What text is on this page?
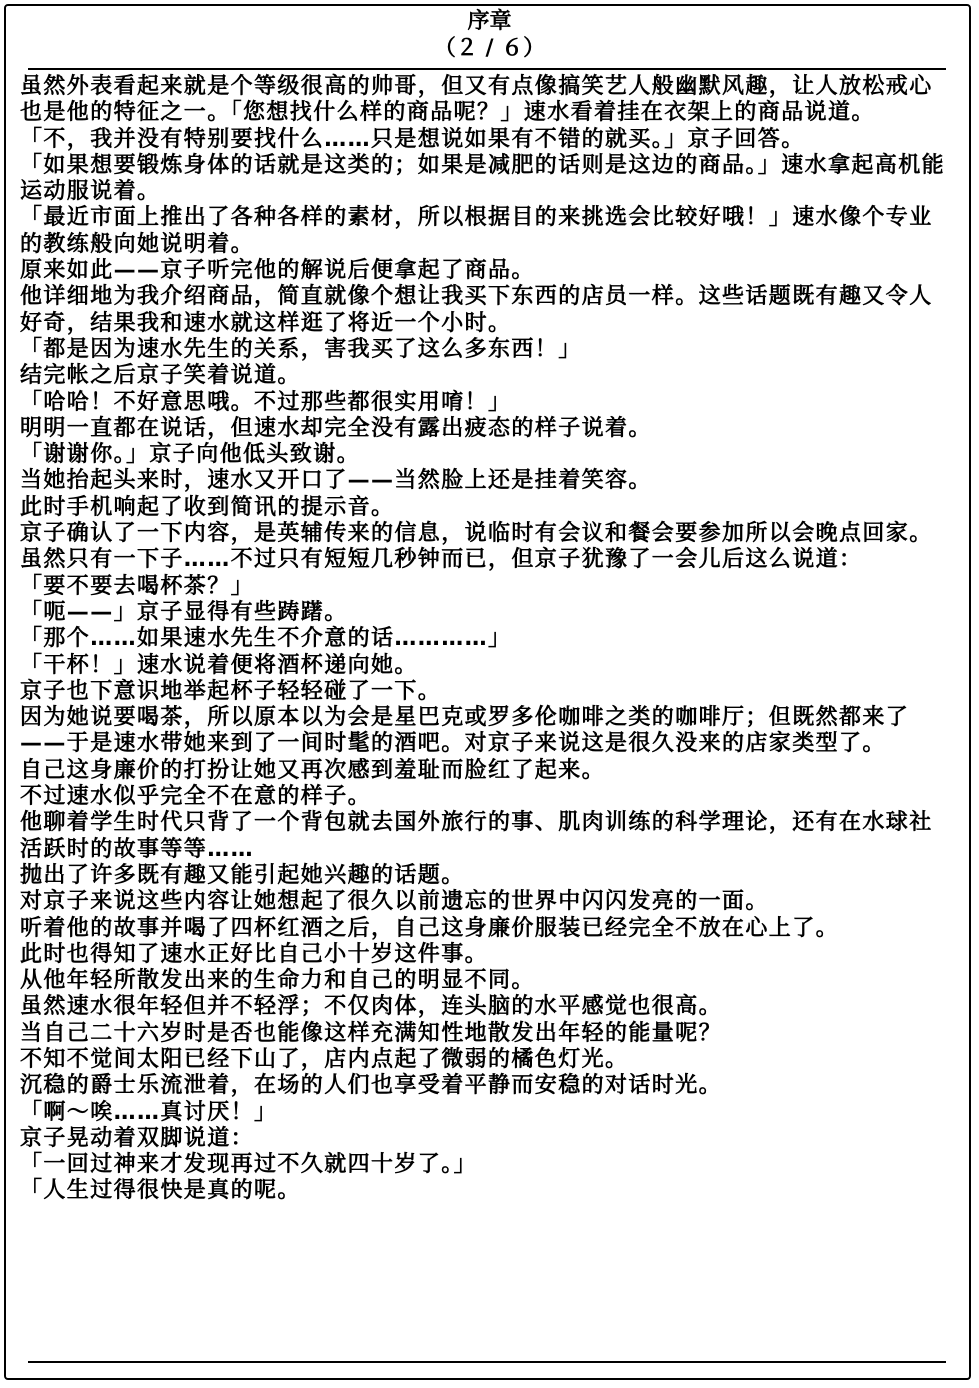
序章
（２ / ６）

虽然外表看起来就是个等级很高的帅哥，但又有点像搞笑艺人般幽默风趣，让人放松戒心也是他的特征之一。「您想找什么样的商品呢？」速水看着挂在衣架上的商品说道。

「不，我并没有特别要找什么……只是想说如果有不错的就买。」京子回答。

「如果想要锻炼身体的话就是这类的；如果是减肥的话则是这边的商品。」速水拿起高机能运动服说着。

「最近市面上推出了各种各样的素材，所以根据目的来挑选会比较好哦！」速水像个专业的教练般向她说明着。

原来如此——京子听完他的解说后便拿起了商品。

他详细地为我介绍商品，简直就像个想让我买下东西的店员一样。这些话题既有趣又令人好奇，结果我和速水就这样逛了将近一个小时。

「都是因为速水先生的关系，害我买了这么多东西！」

结完帐之后京子笑着说道。

「哈哈！不好意思哦。不过那些都很实用唷！」

明明一直都在说话，但速水却完全没有露出疲态的样子说着。

「谢谢你。」京子向他低头致谢。

当她抬起头来时，速水又开口了——当然脸上还是挂着笑容。

此时手机响起了收到简讯的提示音。

京子确认了一下内容，是英辅传来的信息，说临时有会议和餐会要参加所以会晚点回家。虽然只有一下子……不过只有短短几秒钟而已，但京子犹豫了一会儿后这么说道：

「要不要去喝杯茶？」

「呃——」京子显得有些踌躇。

「那个……如果速水先生不介意的话…………」

「干杯！」速水说着便将酒杯递向她。

京子也下意识地举起杯子轻轻碰了一下。

因为她说要喝茶，所以原本以为会是星巴克或罗多伦咖啡之类的咖啡厅；但既然都来了——于是速水带她来到了一间时髦的酒吧。对京子来说这是很久没来的店家类型了。

自己这身廉价的打扮让她又再次感到羞耻而脸红了起来。

不过速水似乎完全不在意的样子。

他聊着学生时代只背了一个背包就去国外旅行的事、肌肉训练的科学理论，还有在水球社活跃时的故事等等……

抛出了许多既有趣又能引起她兴趣的话题。

对京子来说这些内容让她想起了很久以前遗忘的世界中闪闪发亮的一面。

听着他的故事并喝了四杯红酒之后，自己这身廉价服装已经完全不放在心上了。

此时也得知了速水正好比自己小十岁这件事。

从他年轻所散发出来的生命力和自己的明显不同。

虽然速水很年轻但并不轻浮；不仅肉体，连头脑的水平感觉也很高。

当自己二十六岁时是否也能像这样充满知性地散发出年轻的能量呢？

不知不觉间太阳已经下山了，店内点起了微弱的橘色灯光。

沉稳的爵士乐流泄着，在场的人们也享受着平静而安稳的对话时光。

「啊～唉……真讨厌！」

京子晃动着双脚说道：

「一回过神来才发现再过不久就四十岁了。」

「人生过得很快是真的呢。
